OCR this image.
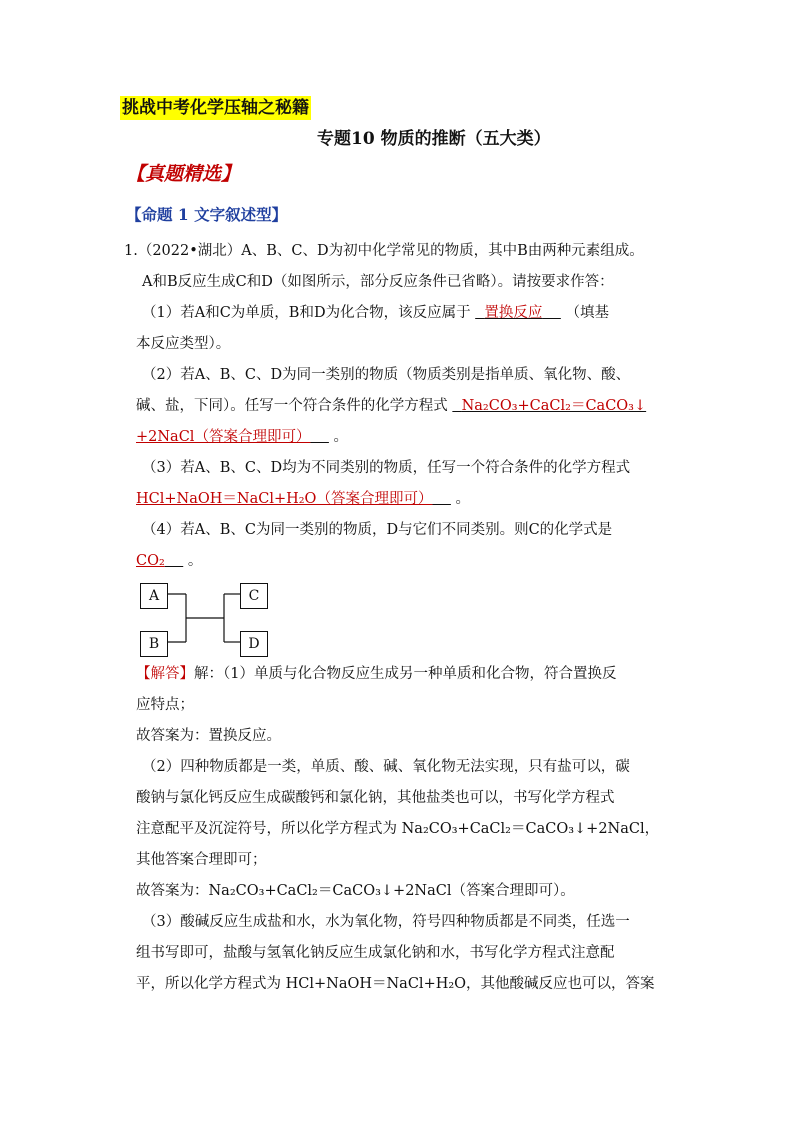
挑战中考化学压轴之秘籍
专题10 物质的推断（五大类）
【真题精选】
【命题 1 文字叙述型】
1.（2022•湖北）A、B、C、D为初中化学常见的物质，其中B由两种元素组成。
A和B反应生成C和D（如图所示，部分反应条件已省略）。请按要求作答：
（1）若A和C为单质，B和D为化合物，该反应属于 置换反应 （填基
本反应类型）。
（2）若A、B、C、D为同一类别的物质（物质类别是指单质、氧化物、酸、
碱、盐，下同）。任写一个符合条件的化学方程式 Na₂CO₃+CaCl₂＝CaCO₃↓
+2NaCl（答案合理即可） 。
（3）若A、B、C、D均为不同类别的物质，任写一个符合条件的化学方程式
HCl+NaOH＝NaCl+H₂O（答案合理即可） 。
（4）若A、B、C为同一类别的物质，D与它们不同类别。则C的化学式是
CO₂ 。
A
B
C
D
【解答】解：（1）单质与化合物反应生成另一种单质和化合物，符合置换反
应特点；
故答案为：置换反应。
（2）四种物质都是一类，单质、酸、碱、氧化物无法实现，只有盐可以，碳
酸钠与氯化钙反应生成碳酸钙和氯化钠，其他盐类也可以，书写化学方程式
注意配平及沉淀符号，所以化学方程式为 Na₂CO₃+CaCl₂＝CaCO₃↓+2NaCl，
其他答案合理即可；
故答案为：Na₂CO₃+CaCl₂＝CaCO₃↓+2NaCl（答案合理即可）。
（3）酸碱反应生成盐和水，水为氧化物，符号四种物质都是不同类，任选一
组书写即可，盐酸与氢氧化钠反应生成氯化钠和水，书写化学方程式注意配
平，所以化学方程式为 HCl+NaOH＝NaCl+H₂O，其他酸碱反应也可以，答案
